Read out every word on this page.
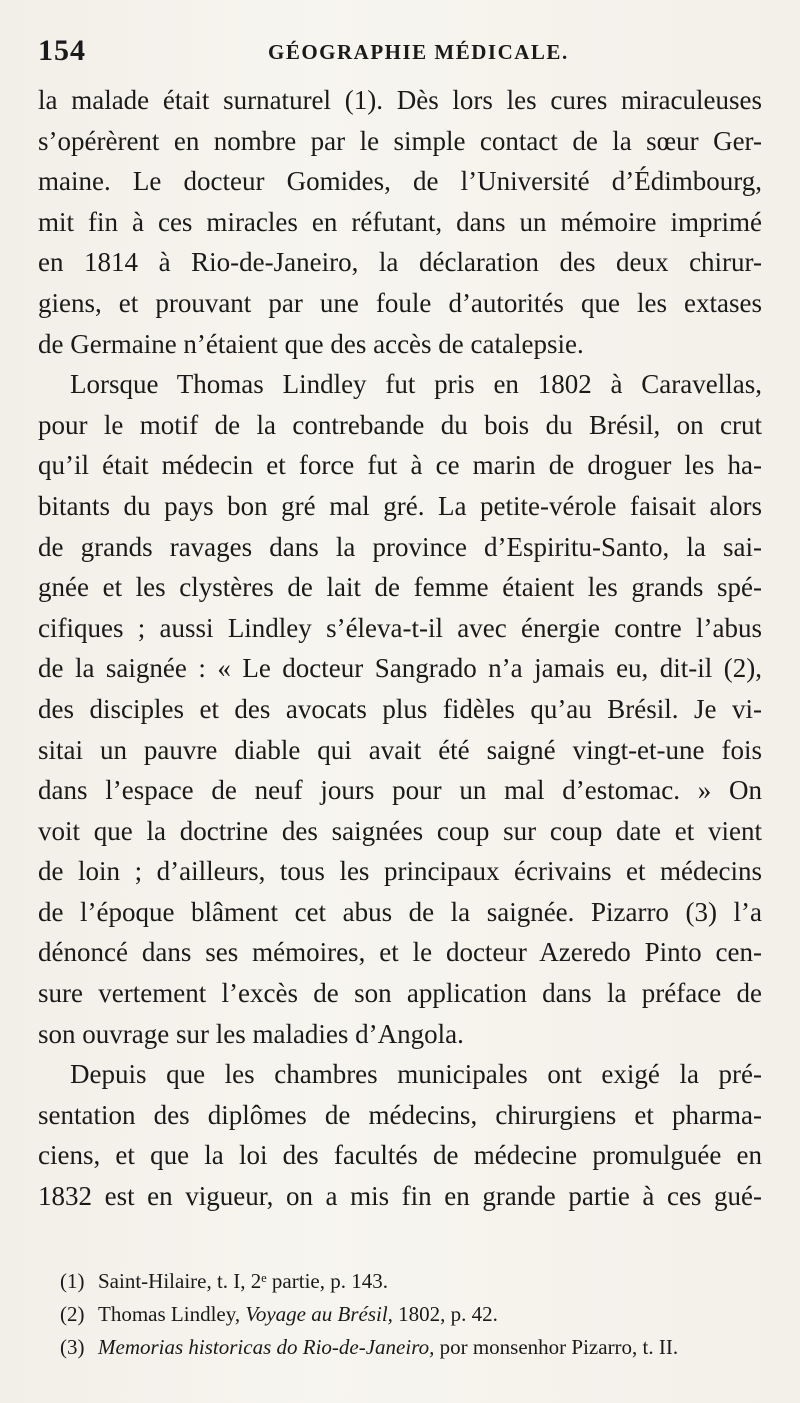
154	GÉOGRAPHIE MÉDICALE.
la malade était surnaturel (1). Dès lors les cures miraculeuses
s’opérèrent en nombre par le simple contact de la sœur Ger-
maine. Le docteur Gomides, de l’Université d’Édimbourg,
mit fin à ces miracles en réfutant, dans un mémoire imprimé
en 1814 à Rio-de-Janeiro, la déclaration des deux chirur-
giens, et prouvant par une foule d’autorités que les extases
de Germaine n’étaient que des accès de catalepsie.
Lorsque Thomas Lindley fut pris en 1802 à Caravellas,
pour le motif de la contrebande du bois du Brésil, on crut
qu’il était médecin et force fut à ce marin de droguer les ha-
bitants du pays bon gré mal gré. La petite-vérole faisait alors
de grands ravages dans la province d’Espiritu-Santo, la sai-
gnée et les clystères de lait de femme étaient les grands spé-
cifiques ; aussi Lindley s’éleva-t-il avec énergie contre l’abus
de la saignée : « Le docteur Sangrado n’a jamais eu, dit-il (2),
des disciples et des avocats plus fidèles qu’au Brésil. Je vi-
sitai un pauvre diable qui avait été saigné vingt-et-une fois
dans l’espace de neuf jours pour un mal d’estomac. » On
voit que la doctrine des saignées coup sur coup date et vient
de loin ; d’ailleurs, tous les principaux écrivains et médecins
de l’époque blâment cet abus de la saignée. Pizarro (3) l’a
dénoncé dans ses mémoires, et le docteur Azeredo Pinto cen-
sure vertement l’excès de son application dans la préface de
son ouvrage sur les maladies d’Angola.
Depuis que les chambres municipales ont exigé la pré-
sentation des diplômes de médecins, chirurgiens et pharma-
ciens, et que la loi des facultés de médecine promulguée en
1832 est en vigueur, on a mis fin en grande partie à ces gué-
(1) Saint-Hilaire, t. I, 2ᵉ partie, p. 143.
(2) Thomas Lindley, Voyage au Brésil, 1802, p. 42.
(3) Memorias historicas do Rio-de-Janeiro, por monsenhor Pizarro, t. II.
